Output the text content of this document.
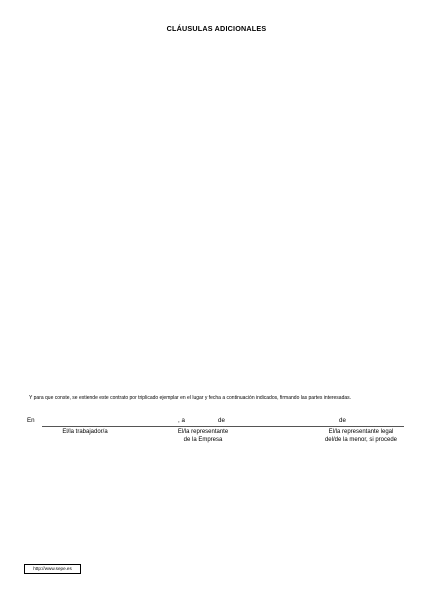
CLÁUSULAS ADICIONALES
Y para que conste, se extiende este contrato por triplicado ejemplar en el lugar y fecha a continuación indicados, firmando las partes interesadas.
En	, a	de	de
El/la trabajador/a	El/la representante
de la Empresa
El/la representante legal
del/de la menor, si procede
http://www.sepe.es
